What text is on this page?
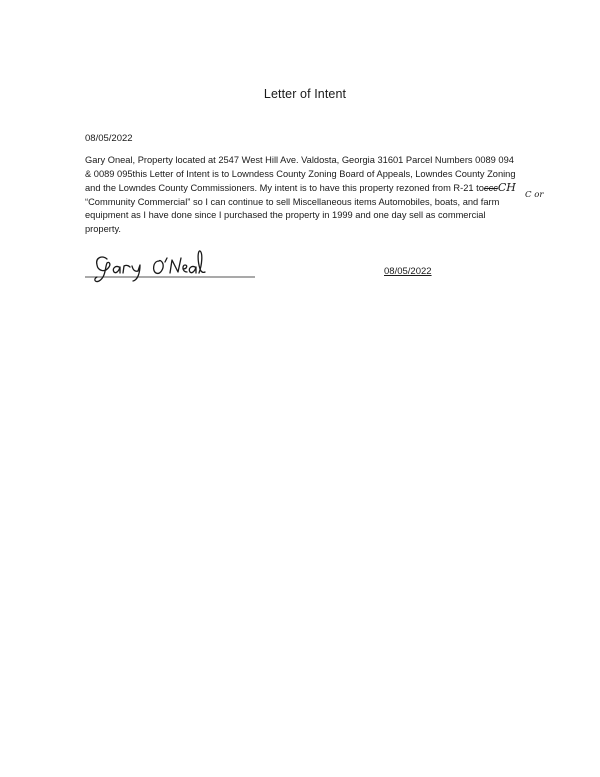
Letter of Intent
08/05/2022
Gary Oneal, Property located at 2547 West Hill Ave. Valdosta, Georgia 31601 Parcel Numbers 0089 094
& 0089 095this Letter of Intent is to Lowndess County Zoning Board of Appeals, Lowndes County Zoning
and the Lowndes County Commissioners. My intent is to have this property rezoned from R-21 tocccCH
“Community Commercial” so I can continue to sell Miscellaneous items Automobiles, boats, and farm
equipment as I have done since I purchased the property in 1999 and one day sell as commercial
property.
C or
08/05/2022
